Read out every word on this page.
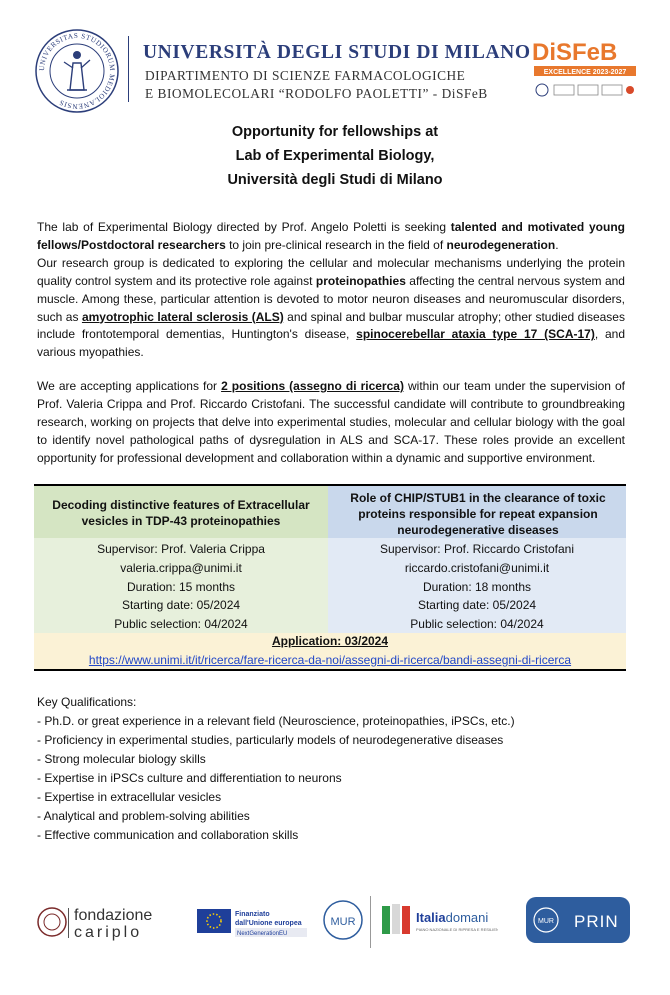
UNIVERSITAS STUDIORUM MEDIOLANENSIS
UNIVERSITÀ DEGLI STUDI DI MILANO
DIPARTIMENTO DI SCIENZE FARMACOLOGICHE
E BIOMOLECOLARI “RODOLFO PAOLETTI” - DiSFeB
DiSFeB
EXCELLENCE 2023-2027
Opportunity for fellowships at
Lab of Experimental Biology,
Università degli Studi di Milano
The lab of Experimental Biology directed by Prof. Angelo Poletti is seeking talented and motivated young fellows/Postdoctoral researchers to join pre-clinical research in the field of neurodegeneration.
Our research group is dedicated to exploring the cellular and molecular mechanisms underlying the protein quality control system and its protective role against proteinopathies affecting the central nervous system and muscle. Among these, particular attention is devoted to motor neuron diseases and neuromuscular disorders, such as amyotrophic lateral sclerosis (ALS) and spinal and bulbar muscular atrophy; other studied diseases include frontotemporal dementias, Huntington's disease, spinocerebellar ataxia type 17 (SCA-17), and various myopathies.
We are accepting applications for 2 positions (assegno di ricerca) within our team under the supervision of Prof. Valeria Crippa and Prof. Riccardo Cristofani. The successful candidate will contribute to groundbreaking research, working on projects that delve into experimental studies, molecular and cellular biology with the goal to identify novel pathological paths of dysregulation in ALS and SCA-17. These roles provide an excellent opportunity for professional development and collaboration within a dynamic and supportive environment.
Decoding distinctive features of Extracellular vesicles in TDP-43 proteinopathies
Role of CHIP/STUB1 in the clearance of toxic proteins responsible for repeat expansion neurodegenerative diseases
Supervisor: Prof. Valeria Crippa
valeria.crippa@unimi.it
Duration: 15 months
Starting date: 05/2024
Public selection: 04/2024
Supervisor: Prof. Riccardo Cristofani
riccardo.cristofani@unimi.it
Duration: 18 months
Starting date: 05/2024
Public selection: 04/2024
Application: 03/2024
https://www.unimi.it/it/ricerca/fare-ricerca-da-noi/assegni-di-ricerca/bandi-assegni-di-ricerca
Key Qualifications:
- Ph.D. or great experience in a relevant field (Neuroscience, proteinopathies, iPSCs, etc.)
- Proficiency in experimental studies, particularly models of neurodegenerative diseases
- Strong molecular biology skills
- Expertise in iPSCs culture and differentiation to neurons
- Expertise in extracellular vesicles
- Analytical and problem-solving abilities
- Effective communication and collaboration skills
fondazione
cariplo
Finanziato
dall'Unione europea
NextGenerationEU
MUR	Italiadomani
PIANO NAZIONALE DI RIPRESA E RESILIENZA
MUR PRIN
